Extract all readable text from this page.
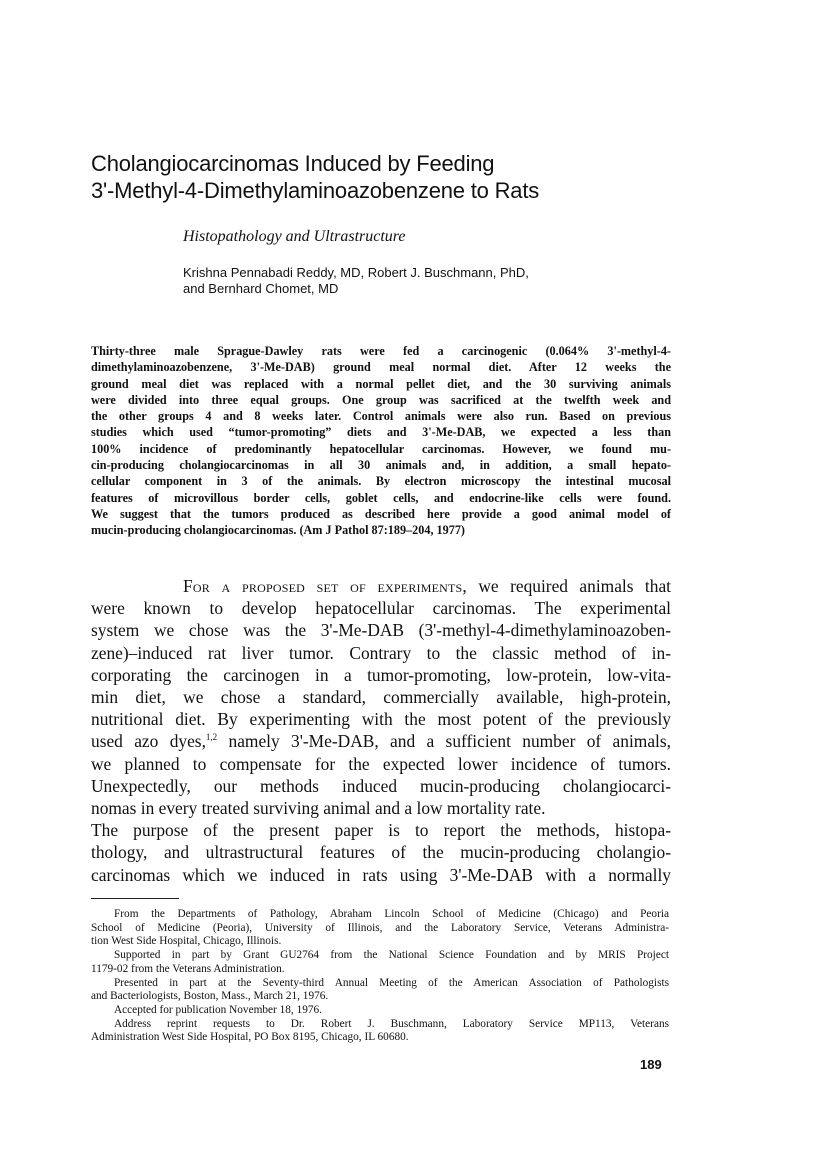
Cholangiocarcinomas Induced by Feeding
3'-Methyl-4-Dimethylaminoazobenzene to Rats

Histopathology and Ultrastructure

Krishna Pennabadi Reddy, MD, Robert J. Buschmann, PhD,
and Bernhard Chomet, MD
Thirty-three male Sprague-Dawley rats were fed a carcinogenic (0.064% 3'-methyl-4-
dimethylaminoazobenzene, 3'-Me-DAB) ground meal normal diet. After 12 weeks the
ground meal diet was replaced with a normal pellet diet, and the 30 surviving animals
were divided into three equal groups. One group was sacrificed at the twelfth week and
the other groups 4 and 8 weeks later. Control animals were also run. Based on previous
studies which used “tumor-promoting” diets and 3'-Me-DAB, we expected a less than
100% incidence of predominantly hepatocellular carcinomas. However, we found mu-
cin-producing cholangiocarcinomas in all 30 animals and, in addition, a small hepato-
cellular component in 3 of the animals. By electron microscopy the intestinal mucosal
features of microvillous border cells, goblet cells, and endocrine-like cells were found.
We suggest that the tumors produced as described here provide a good animal model of
mucin-producing cholangiocarcinomas. (Am J Pathol 87:189–204, 1977)
For a proposed set of experiments, we required animals that
were known to develop hepatocellular carcinomas. The experimental
system we chose was the 3'-Me-DAB (3'-methyl-4-dimethylaminoazoben-
zene)–induced rat liver tumor. Contrary to the classic method of in-
corporating the carcinogen in a tumor-promoting, low-protein, low-vita-
min diet, we chose a standard, commercially available, high-protein,
nutritional diet. By experimenting with the most potent of the previously
used azo dyes,$^{1,2}$ namely 3'-Me-DAB, and a sufficient number of animals,
we planned to compensate for the expected lower incidence of tumors.
Unexpectedly, our methods induced mucin-producing cholangiocarci-
nomas in every treated surviving animal and a low mortality rate.
The purpose of the present paper is to report the methods, histopa-
thology, and ultrastructural features of the mucin-producing cholangio-
carcinomas which we induced in rats using 3'-Me-DAB with a normally
From the Departments of Pathology, Abraham Lincoln School of Medicine (Chicago) and Peoria
School of Medicine (Peoria), University of Illinois, and the Laboratory Service, Veterans Administra-
tion West Side Hospital, Chicago, Illinois.
Supported in part by Grant GU2764 from the National Science Foundation and by MRIS Project
1179-02 from the Veterans Administration.
Presented in part at the Seventy-third Annual Meeting of the American Association of Pathologists
and Bacteriologists, Boston, Mass., March 21, 1976.
Accepted for publication November 18, 1976.
Address reprint requests to Dr. Robert J. Buschmann, Laboratory Service MP113, Veterans
Administration West Side Hospital, PO Box 8195, Chicago, IL 60680.
189
